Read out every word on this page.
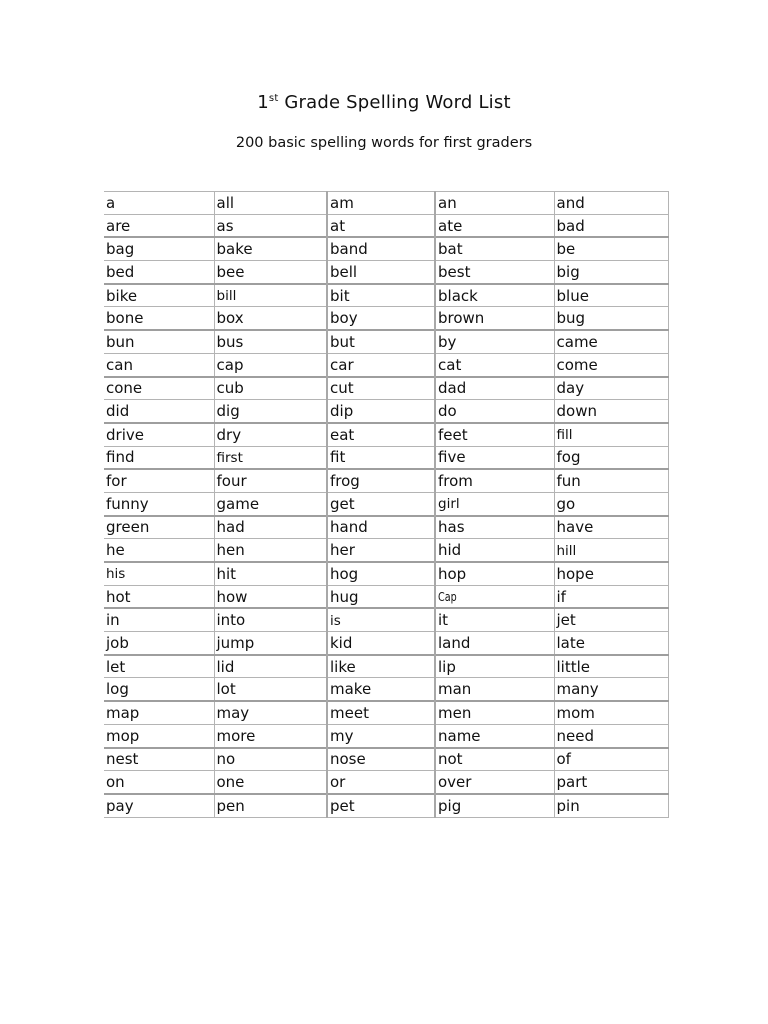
1st Grade Spelling Word List
200 basic spelling words for first graders
a	all	am	an	and
are	as	at	ate	bad
bag	bake	band	bat	be
bed	bee	bell	best	big
bike	bill	bit	black	blue
bone	box	boy	brown	bug
bun	bus	but	by	came
can	cap	car	cat	come
cone	cub	cut	dad	day
did	dig	dip	do	down
drive	dry	eat	feet	fill
find	first	fit	five	fog
for	four	frog	from	fun
funny	game	get	girl	go
green	had	hand	has	have
he	hen	her	hid	hill
his	hit	hog	hop	hope
hot	how	hug	Cap	if
in	into	is	it	jet
job	jump	kid	land	late
let	lid	like	lip	little
log	lot	make	man	many
map	may	meet	men	mom
mop	more	my	name	need
nest	no	nose	not	of
on	one	or	over	part
pay	pen	pet	pig	pin
